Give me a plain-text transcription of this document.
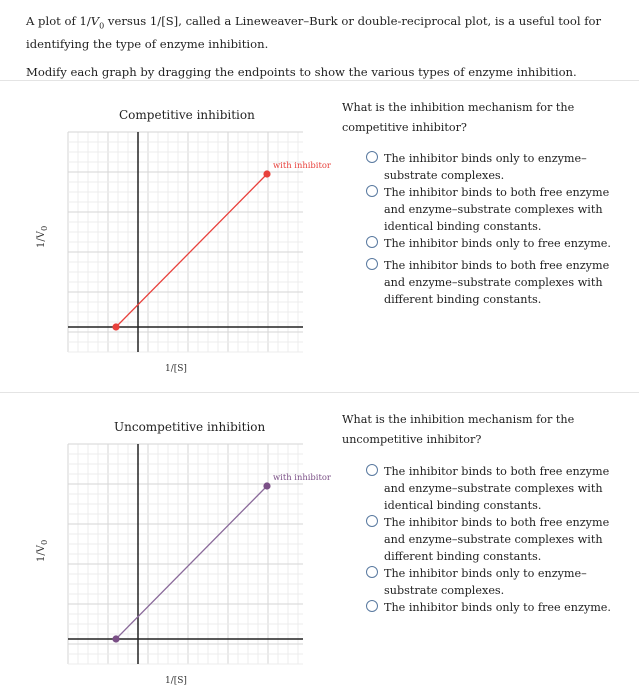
A plot of $1/V_0$ versus 1/[S], called a Lineweaver–Burk or double-reciprocal plot, is a useful tool for identifying the type of enzyme inhibition.

Modify each graph by dragging the endpoints to show the various types of enzyme inhibition.

Competitive inhibition
$1/V_0$
1/[S]
with inhibitor
What is the inhibition mechanism for the competitive inhibitor?
The inhibitor binds only to enzyme–substrate complexes.
The inhibitor binds to both free enzyme and enzyme–substrate complexes with identical binding constants.
The inhibitor binds only to free enzyme.
The inhibitor binds to both free enzyme and enzyme–substrate complexes with different binding constants.
Uncompetitive inhibition
$1/V_0$
1/[S]
with inhibitor
What is the inhibition mechanism for the uncompetitive inhibitor?
The inhibitor binds to both free enzyme and enzyme–substrate complexes with identical binding constants.
The inhibitor binds to both free enzyme and enzyme–substrate complexes with different binding constants.
The inhibitor binds only to enzyme–substrate complexes.
The inhibitor binds only to free enzyme.
